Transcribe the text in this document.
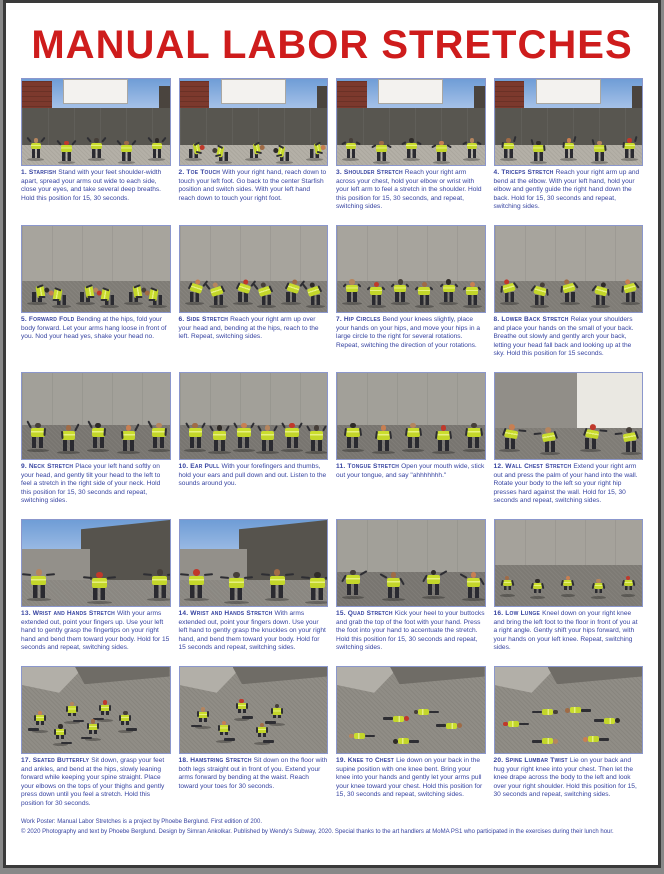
MANUAL LABOR STRETCHES
1. Starfish Stand with your feet shoulder-width apart, spread your arms out wide to each side, close your eyes, and take several deep breaths. Hold this position for 15, 30 seconds.
2. Toe Touch With your right hand, reach down to touch your left foot. Go back to the center Starfish position and switch sides. With your left hand reach down to touch your right foot.
3. Shoulder Stretch Reach your right arm across your chest, hold your elbow or wrist with your left arm to feel a stretch in the shoulder. Hold this position for 15, 30 seconds, and repeat, switching sides.
4. Triceps Stretch Reach your right arm up and bend at the elbow. With your left hand, hold your elbow and gently guide the right hand down the back. Hold for 15, 30 seconds and repeat, switching sides.
5. Forward Fold Bending at the hips, fold your body forward. Let your arms hang loose in front of you. Nod your head yes, shake your head no.
6. Side Stretch Reach your right arm up over your head and, bending at the hips, reach to the left. Repeat, switching sides.
7. Hip Circles Bend your knees slightly, place your hands on your hips, and move your hips in a large circle to the right for several rotations. Repeat, switching the direction of your rotations.
8. Lower Back Stretch Relax your shoulders and place your hands on the small of your back. Breathe out slowly and gently arch your back, letting your head fall back and looking up at the sky. Hold this position for 15 seconds.
9. Neck Stretch Place your left hand softly on your head, and gently tilt your head to the left to feel a stretch in the right side of your neck. Hold this position for 15, 30 seconds and repeat, switching sides.
10. Ear Pull With your forefingers and thumbs, hold your ears and pull down and out. Listen to the sounds around you.
11. Tongue Stretch Open your mouth wide, stick out your tongue, and say "ahhhhhhh."
12. Wall Chest Stretch Extend your right arm out and press the palm of your hand into the wall. Rotate your body to the left so your right hip presses hard against the wall. Hold for 15, 30 seconds and repeat, switching sides.
13. Wrist and Hands Stretch With your arms extended out, point your fingers up. Use your left hand to gently grasp the fingertips on your right hand and bend them toward your body. Hold for 15 seconds and repeat, switching sides.
14. Wrist and Hands Stretch With arms extended out, point your fingers down. Use your left hand to gently grasp the knuckles on your right hand, and bend them toward your body. Hold for 15 seconds and repeat, switching sides.
15. Quad Stretch Kick your heel to your buttocks and grab the top of the foot with your hand. Press the foot into your hand to accentuate the stretch. Hold this position for 15, 30 seconds and repeat, switching sides.
16. Low Lunge Kneel down on your right knee and bring the left foot to the floor in front of you at a right angle. Gently shift your hips forward, with your hands on your left knee. Repeat, switching sides.
17. Seated Butterfly Sit down, grasp your feet and ankles, and bend at the hips, slowly leaning forward while keeping your spine straight. Place your elbows on the tops of your thighs and gently press down until you feel a stretch. Hold this position for 30 seconds.
18. Hamstring Stretch Sit down on the floor with both legs straight out in front of you. Extend your arms forward by bending at the waist. Reach toward your toes for 30 seconds.
19. Knee to Chest Lie down on your back in the supine position with one knee bent. Bring your knee into your hands and gently let your arms pull your knee toward your chest. Hold this position for 15, 30 seconds and repeat, switching sides.
20. Spine Lumbar Twist Lie on your back and hug your right knee into your chest. Then let the knee drape across the body to the left and look over your right shoulder. Hold this position for 15, 30 seconds and repeat, switching sides.
Work Poster: Manual Labor Stretches is a project by Phoebe Berglund. First edition of 200.
© 2020 Photography and text by Phoebe Berglund. Design by Simran Ankolkar. Published by Wendy's Subway, 2020. Special thanks to the art handlers at MoMA PS1 who participated in the exercises during their lunch hour.
